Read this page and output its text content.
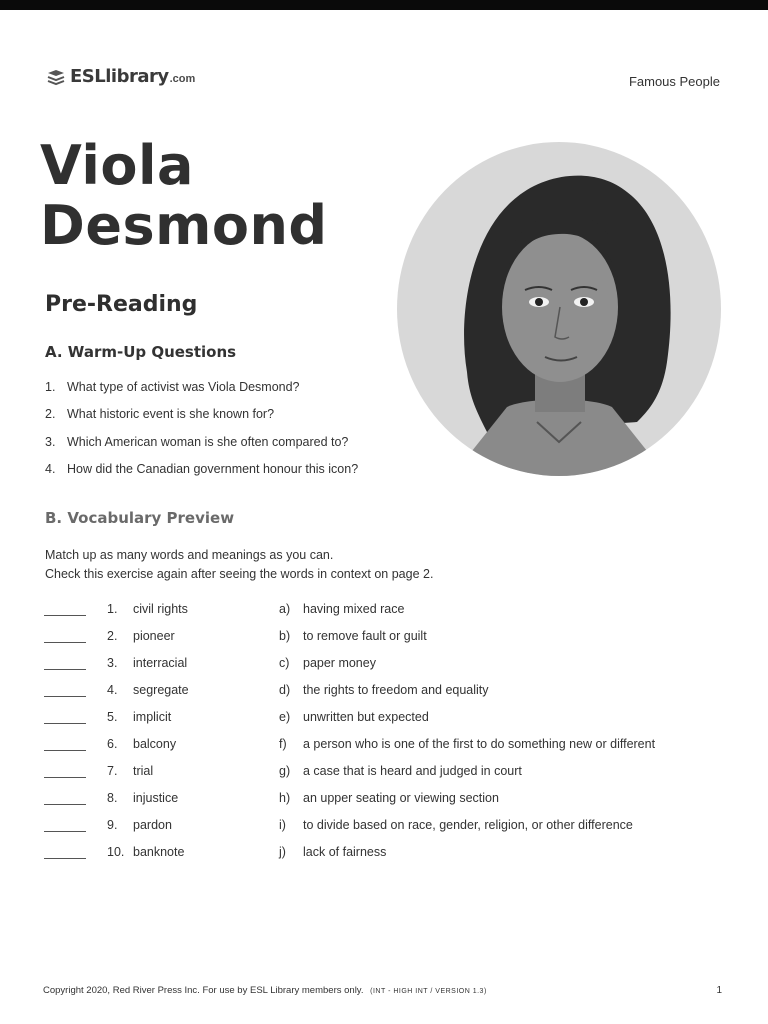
ESLlibrary .com	Famous People
Viola
Desmond
Pre-Reading
A. Warm-Up Questions
1. What type of activist was Viola Desmond?
2. What historic event is she known for?
3. Which American woman is she often compared to?
4. How did the Canadian government honour this icon?
B. Vocabulary Preview
Match up as many words and meanings as you can.
Check this exercise again after seeing the words in context on page 2.
1. civil rights	a) having mixed race
2. pioneer	b) to remove fault or guilt
3. interracial	c) paper money
4. segregate	d) the rights to freedom and equality
5. implicit	e) unwritten but expected
6. balcony	f) a person who is one of the first to do something new or different
7. trial	g) a case that is heard and judged in court
8. injustice	h) an upper seating or viewing section
9. pardon	i) to divide based on race, gender, religion, or other difference
10. banknote	j) lack of fairness
Copyright 2020, Red River Press Inc. For use by ESL Library members only. (INT - HIGH INT / VERSION 1.3)	1
